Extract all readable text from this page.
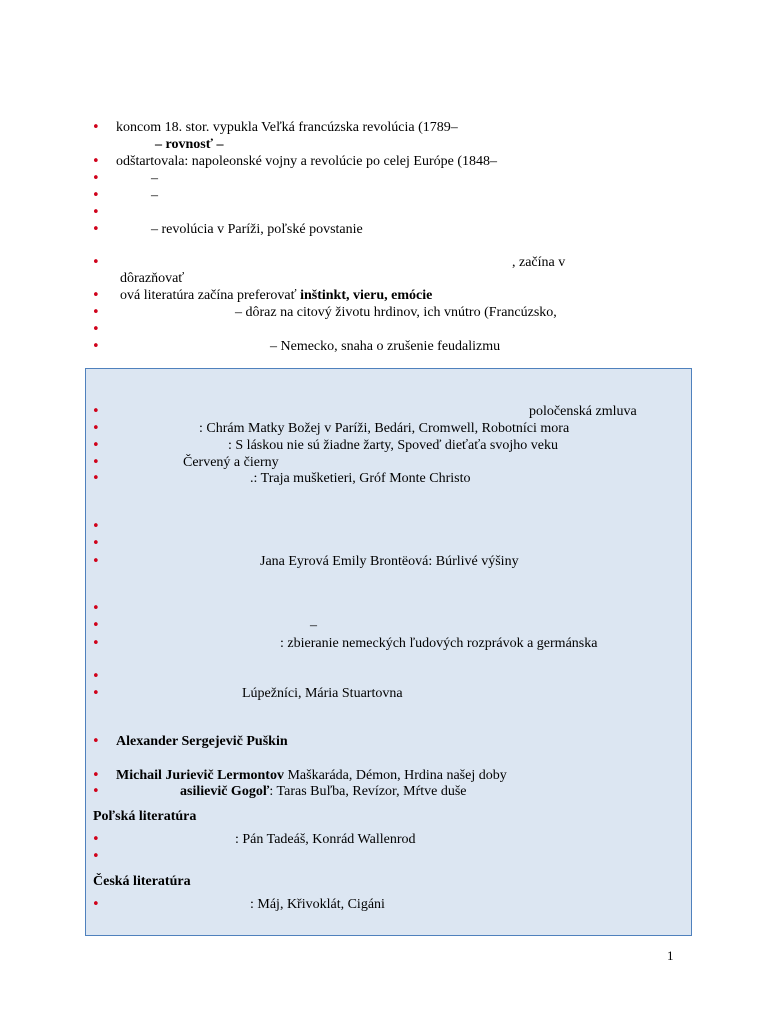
• koncom 18. stor. vypukla Veľká francúzska revolúcia (1789–
– rovnosť –
• odštartovala: napoleonské vojny a revolúcie po celej Európe (1848–
•	–
•	–
•
•	– revolúcia v Paríži, poľské povstanie
•	, začína v
dôrazňovať
• ová literatúra začína preferovať inštinkt, vieru, emócie
•	– dôraz na citový životu hrdinov, ich vnútro (Francúzsko,
•
•	– Nemecko, snaha o zrušenie feudalizmu
•	poločenská zmluva
•	: Chrám Matky Božej v Paríži, Bedári, Cromwell, Robotníci mora
•	: S láskou nie sú žiadne žarty, Spoveď dieťaťa svojho veku
•	Červený a čierny
•	.: Traja mušketieri, Gróf Monte Christo
•
•
•	Jana Eyrová Emily Brontëová: Búrlivé výšiny
•
•	–
•	: zbieranie nemeckých ľudových rozprávok a germánska
•
•	Lúpežníci, Mária Stuartovna
• Alexander Sergejevič Puškin
• Michail Jurievič Lermontov Maškaráda, Démon, Hrdina našej doby
•	asilievič Gogoľ: Taras Buľba, Revízor, Mŕtve duše
Poľská literatúra
•	: Pán Tadeáš, Konrád Wallenrod
•
Česká literatúra
•	: Máj, Křivoklát, Cigáni
1
